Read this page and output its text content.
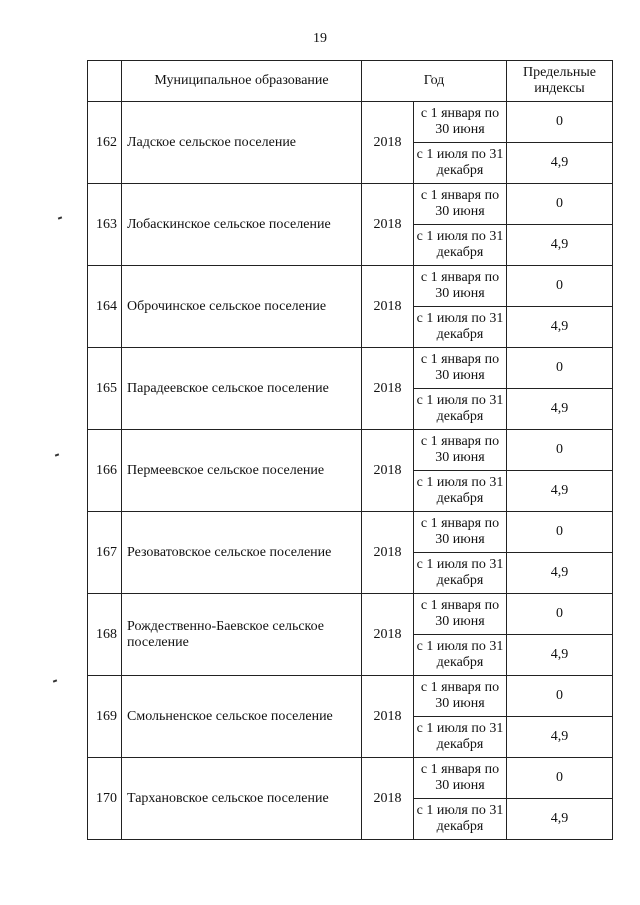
19
	Муниципальное образование	Год		Предельные индексы
162	Ладское сельское поселение	2018	с 1 января по 30 июня	0
			с 1 июля по 31 декабря	4,9
163	Лобаскинское сельское поселение	2018	с 1 января по 30 июня	0
			с 1 июля по 31 декабря	4,9
164	Оброчинское сельское поселение	2018	с 1 января по 30 июня	0
			с 1 июля по 31 декабря	4,9
165	Парадеевское сельское поселение	2018	с 1 января по 30 июня	0
			с 1 июля по 31 декабря	4,9
166	Пермеевское сельское поселение	2018	с 1 января по 30 июня	0
			с 1 июля по 31 декабря	4,9
167	Резоватовское сельское поселение	2018	с 1 января по 30 июня	0
			с 1 июля по 31 декабря	4,9
168	Рождественно-Баевское сельское поселение	2018	с 1 января по 30 июня	0
			с 1 июля по 31 декабря	4,9
169	Смольненское сельское поселение	2018	с 1 января по 30 июня	0
			с 1 июля по 31 декабря	4,9
170	Тархановское сельское поселение	2018	с 1 января по 30 июня	0
			с 1 июля по 31 декабря	4,9
